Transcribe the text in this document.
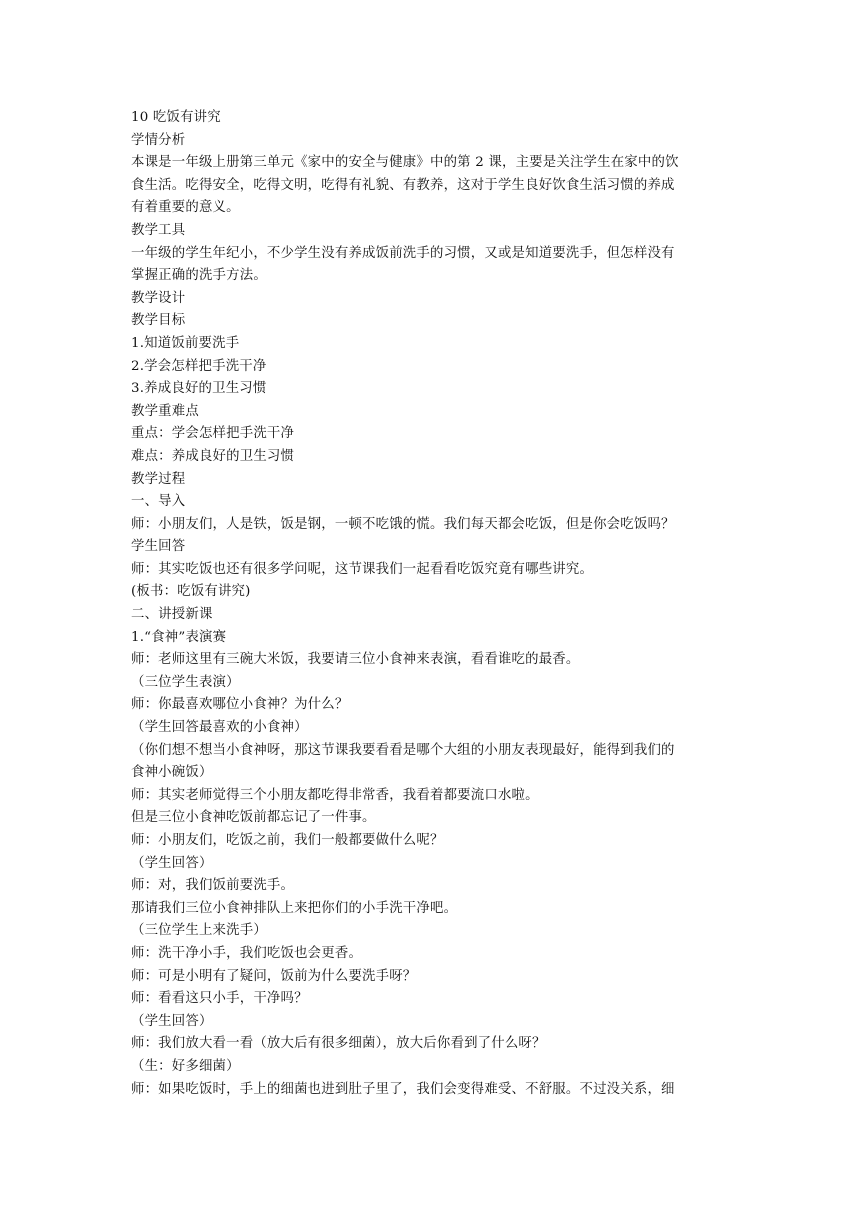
10 吃饭有讲究

学情分析

本课是一年级上册第三单元《家中的安全与健康》中的第 2 课，主要是关注学生在家中的饮

食生活。吃得安全，吃得文明，吃得有礼貌、有教养，这对于学生良好饮食生活习惯的养成

有着重要的意义。

教学工具

一年级的学生年纪小，不少学生没有养成饭前洗手的习惯，又或是知道要洗手，但怎样没有

掌握正确的洗手方法。

教学设计

教学目标

1.知道饭前要洗手

2.学会怎样把手洗干净

3.养成良好的卫生习惯

教学重难点

重点：学会怎样把手洗干净

难点：养成良好的卫生习惯

教学过程

一、导入

师：小朋友们，人是铁，饭是钢，一顿不吃饿的慌。我们每天都会吃饭，但是你会吃饭吗？

学生回答

师：其实吃饭也还有很多学问呢，这节课我们一起看看吃饭究竟有哪些讲究。

(板书：吃饭有讲究)

二、讲授新课

1.“食神”表演赛

师：老师这里有三碗大米饭，我要请三位小食神来表演，看看谁吃的最香。

（三位学生表演）

师：你最喜欢哪位小食神？为什么？

（学生回答最喜欢的小食神）

（你们想不想当小食神呀，那这节课我要看看是哪个大组的小朋友表现最好，能得到我们的

食神小碗饭）

师：其实老师觉得三个小朋友都吃得非常香，我看着都要流口水啦。

但是三位小食神吃饭前都忘记了一件事。

师：小朋友们，吃饭之前，我们一般都要做什么呢？

（学生回答）

师：对，我们饭前要洗手。

那请我们三位小食神排队上来把你们的小手洗干净吧。

（三位学生上来洗手）

师：洗干净小手，我们吃饭也会更香。

师：可是小明有了疑问，饭前为什么要洗手呀？

师：看看这只小手，干净吗？

（学生回答）

师：我们放大看一看（放大后有很多细菌），放大后你看到了什么呀？

（生：好多细菌）

师：如果吃饭时，手上的细菌也进到肚子里了，我们会变得难受、不舒服。不过没关系，细
